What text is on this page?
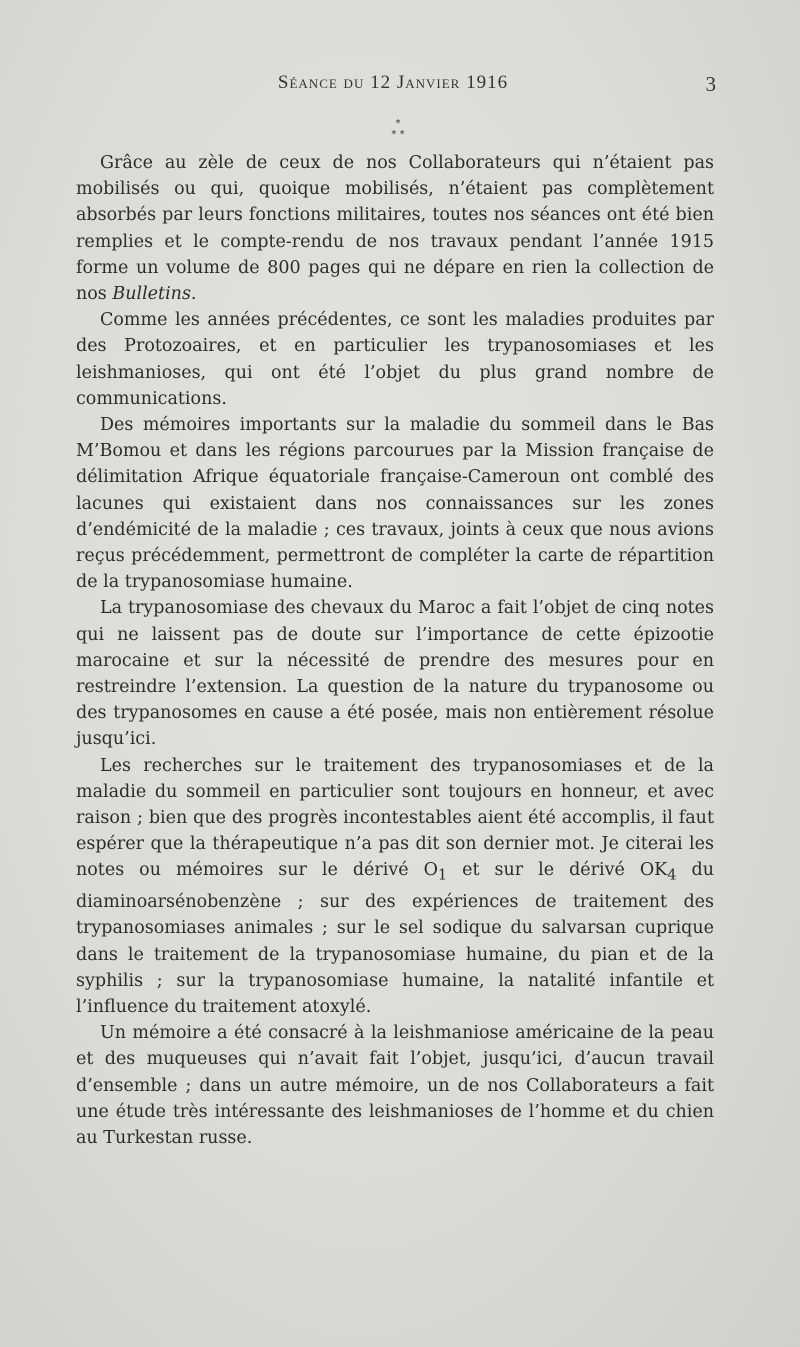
Séance du 12 Janvier 1916	3
*
* *

Grâce au zèle de ceux de nos Collaborateurs qui n’étaient pas mobilisés ou qui, quoique mobilisés, n’étaient pas complètement absorbés par leurs fonctions militaires, toutes nos séances ont été bien remplies et le compte-rendu de nos travaux pendant l’année 1915 forme un volume de 800 pages qui ne dépare en rien la collection de nos Bulletins.

Comme les années précédentes, ce sont les maladies produites par des Protozoaires, et en particulier les trypanosomiases et les leishmanioses, qui ont été l’objet du plus grand nombre de communications.

Des mémoires importants sur la maladie du sommeil dans le Bas M’Bomou et dans les régions parcourues par la Mission française de délimitation Afrique équatoriale française-Cameroun ont comblé des lacunes qui existaient dans nos connaissances sur les zones d’endémicité de la maladie ; ces travaux, joints à ceux que nous avions reçus précédemment, permettront de compléter la carte de répartition de la trypanosomiase humaine.

La trypanosomiase des chevaux du Maroc a fait l’objet de cinq notes qui ne laissent pas de doute sur l’importance de cette épizootie marocaine et sur la nécessité de prendre des mesures pour en restreindre l’extension. La question de la nature du trypanosome ou des trypanosomes en cause a été posée, mais non entièrement résolue jusqu’ici.

Les recherches sur le traitement des trypanosomiases et de la maladie du sommeil en particulier sont toujours en honneur, et avec raison ; bien que des progrès incontestables aient été accomplis, il faut espérer que la thérapeutique n’a pas dit son dernier mot. Je citerai les notes ou mémoires sur le dérivé $O_1$ et sur le dérivé $OK_4$ du diaminoarsénobenzène ; sur des expériences de traitement des trypanosomiases animales ; sur le sel sodique du salvarsan cuprique dans le traitement de la trypanosomiase humaine, du pian et de la syphilis ; sur la trypanosomiase humaine, la natalité infantile et l’influence du traitement atoxylé.

Un mémoire a été consacré à la leishmaniose américaine de la peau et des muqueuses qui n’avait fait l’objet, jusqu’ici, d’aucun travail d’ensemble ; dans un autre mémoire, un de nos Collaborateurs a fait une étude très intéressante des leishmanioses de l’homme et du chien au Turkestan russe.
